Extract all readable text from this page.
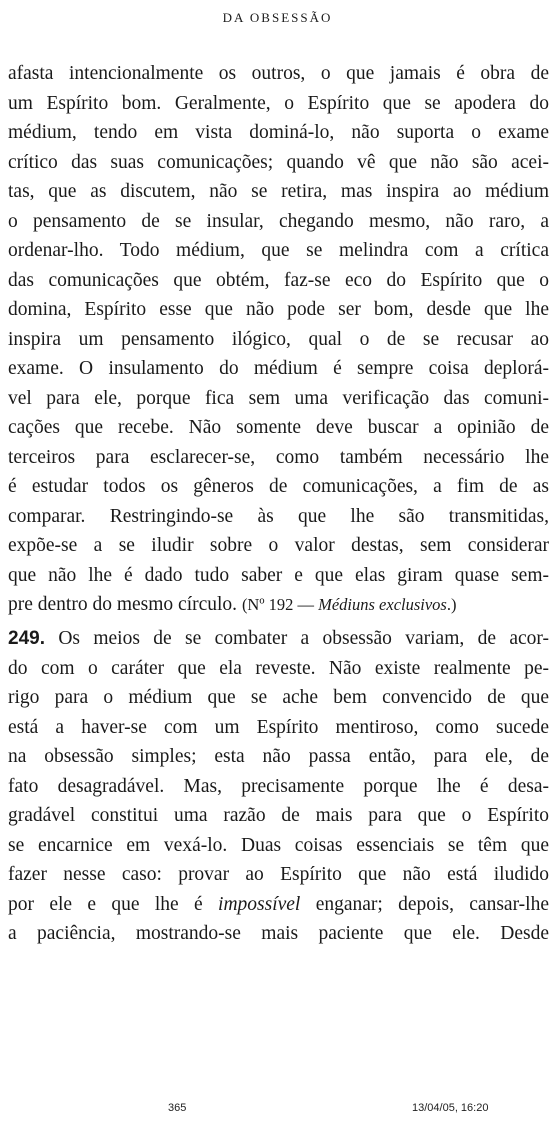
DA OBSESSÃO

afasta intencionalmente os outros, o que jamais é obra de
um Espírito bom. Geralmente, o Espírito que se apodera do
médium, tendo em vista dominá-lo, não suporta o exame
crítico das suas comunicações; quando vê que não são acei-
tas, que as discutem, não se retira, mas inspira ao médium
o pensamento de se insular, chegando mesmo, não raro, a
ordenar-lho. Todo médium, que se melindra com a crítica
das comunicações que obtém, faz-se eco do Espírito que o
domina, Espírito esse que não pode ser bom, desde que lhe
inspira um pensamento ilógico, qual o de se recusar ao
exame. O insulamento do médium é sempre coisa deplorá-
vel para ele, porque fica sem uma verificação das comuni-
cações que recebe. Não somente deve buscar a opinião de
terceiros para esclarecer-se, como também necessário lhe
é estudar todos os gêneros de comunicações, a fim de as
comparar. Restringindo-se às que lhe são transmitidas,
expõe-se a se iludir sobre o valor destas, sem considerar
que não lhe é dado tudo saber e que elas giram quase sem-
pre dentro do mesmo círculo. (Nº 192 — Médiuns exclusivos.)

249. Os meios de se combater a obsessão variam, de acor-
do com o caráter que ela reveste. Não existe realmente pe-
rigo para o médium que se ache bem convencido de que
está a haver-se com um Espírito mentiroso, como sucede
na obsessão simples; esta não passa então, para ele, de
fato desagradável. Mas, precisamente porque lhe é desa-
gradável constitui uma razão de mais para que o Espírito
se encarnice em vexá-lo. Duas coisas essenciais se têm que
fazer nesse caso: provar ao Espírito que não está iludido
por ele e que lhe é impossível enganar; depois, cansar-lhe
a paciência, mostrando-se mais paciente que ele. Desde

365	13/04/05, 16:20
